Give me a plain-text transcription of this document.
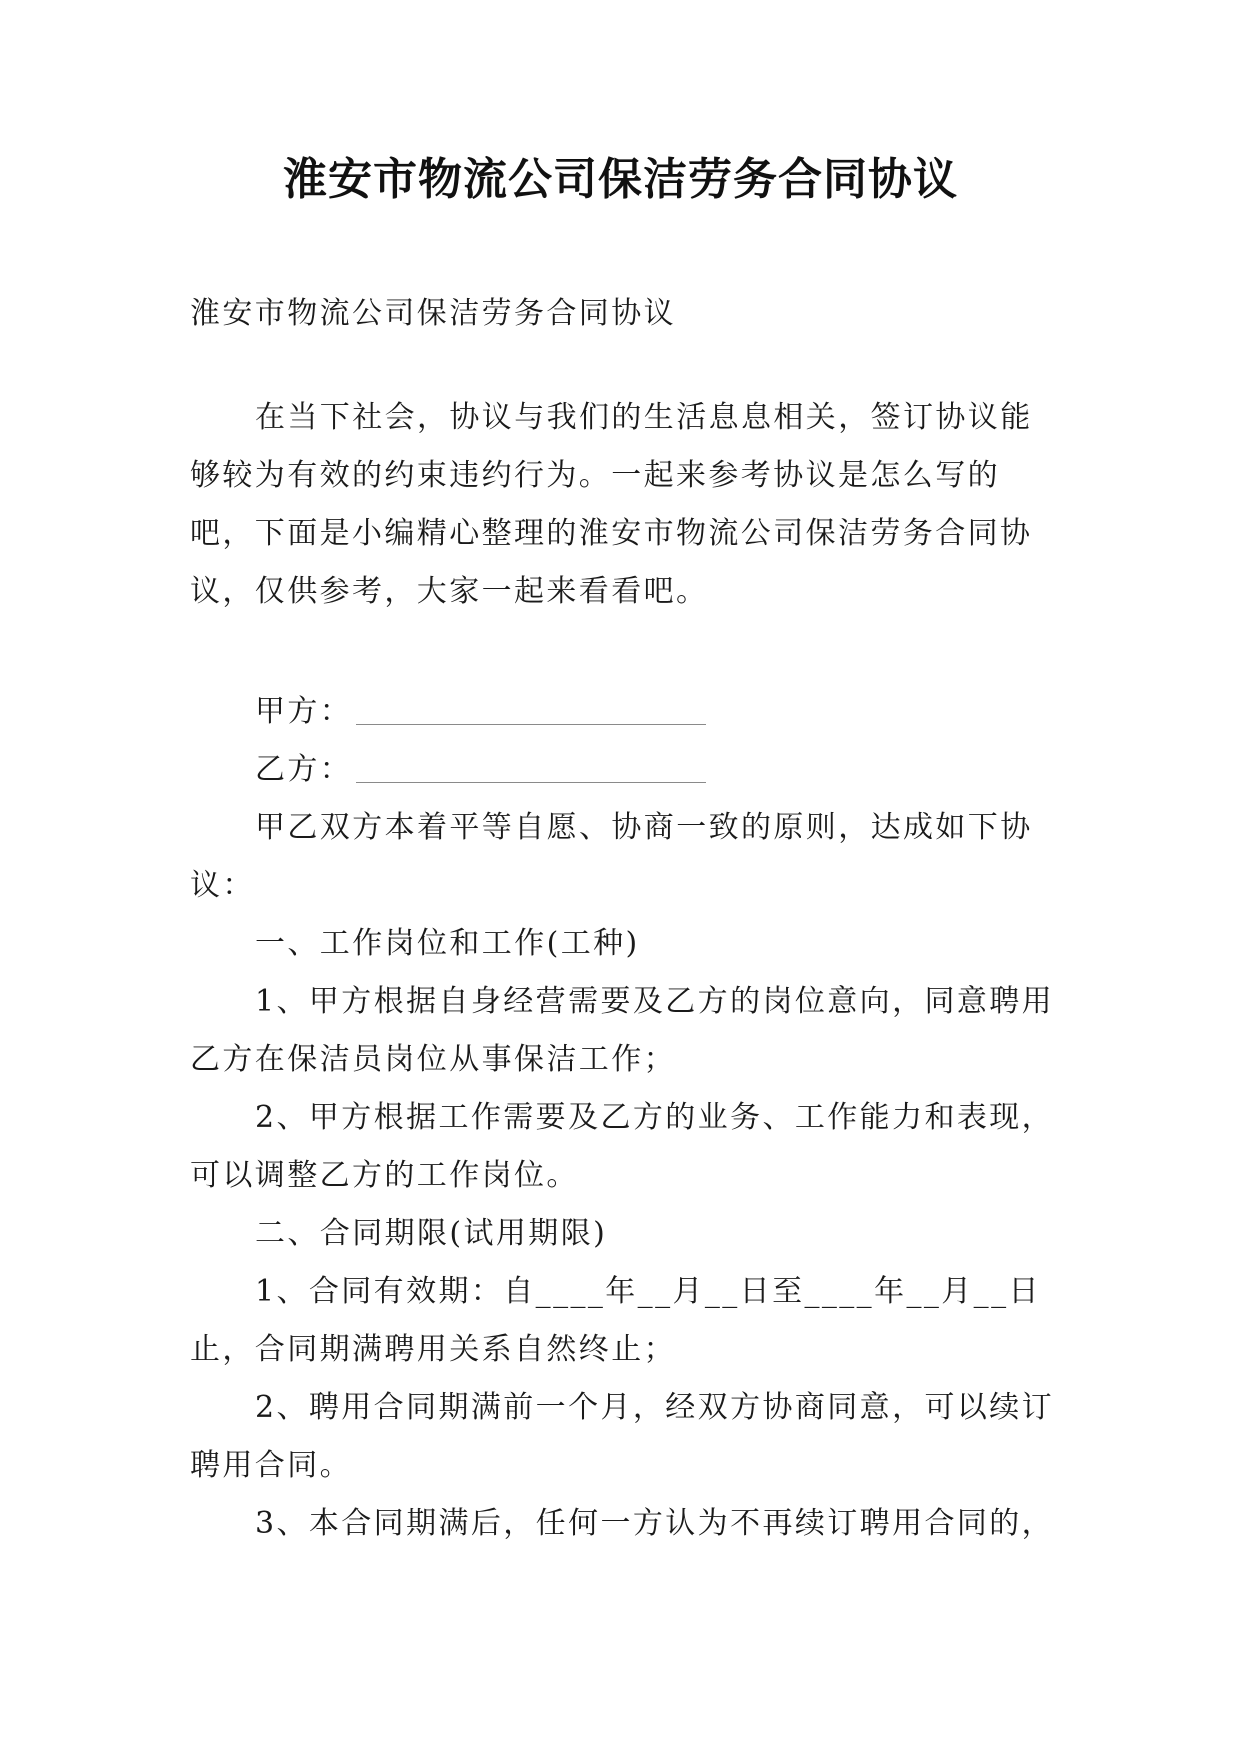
淮安市物流公司保洁劳务合同协议

淮安市物流公司保洁劳务合同协议

在当下社会，协议与我们的生活息息相关，签订协议能够较为有效的约束违约行为。一起来参考协议是怎么写的吧，下面是小编精心整理的淮安市物流公司保洁劳务合同协议，仅供参考，大家一起来看看吧。

甲方：

乙方：

甲乙双方本着平等自愿、协商一致的原则，达成如下协议：

一、工作岗位和工作(工种)

1、甲方根据自身经营需要及乙方的岗位意向，同意聘用乙方在保洁员岗位从事保洁工作；

2、甲方根据工作需要及乙方的业务、工作能力和表现，可以调整乙方的工作岗位。

二、合同期限(试用期限)

1、合同有效期：自____年__月__日至____年__月__日止，合同期满聘用关系自然终止；

2、聘用合同期满前一个月，经双方协商同意，可以续订聘用合同。

3、本合同期满后，任何一方认为不再续订聘用合同的，
